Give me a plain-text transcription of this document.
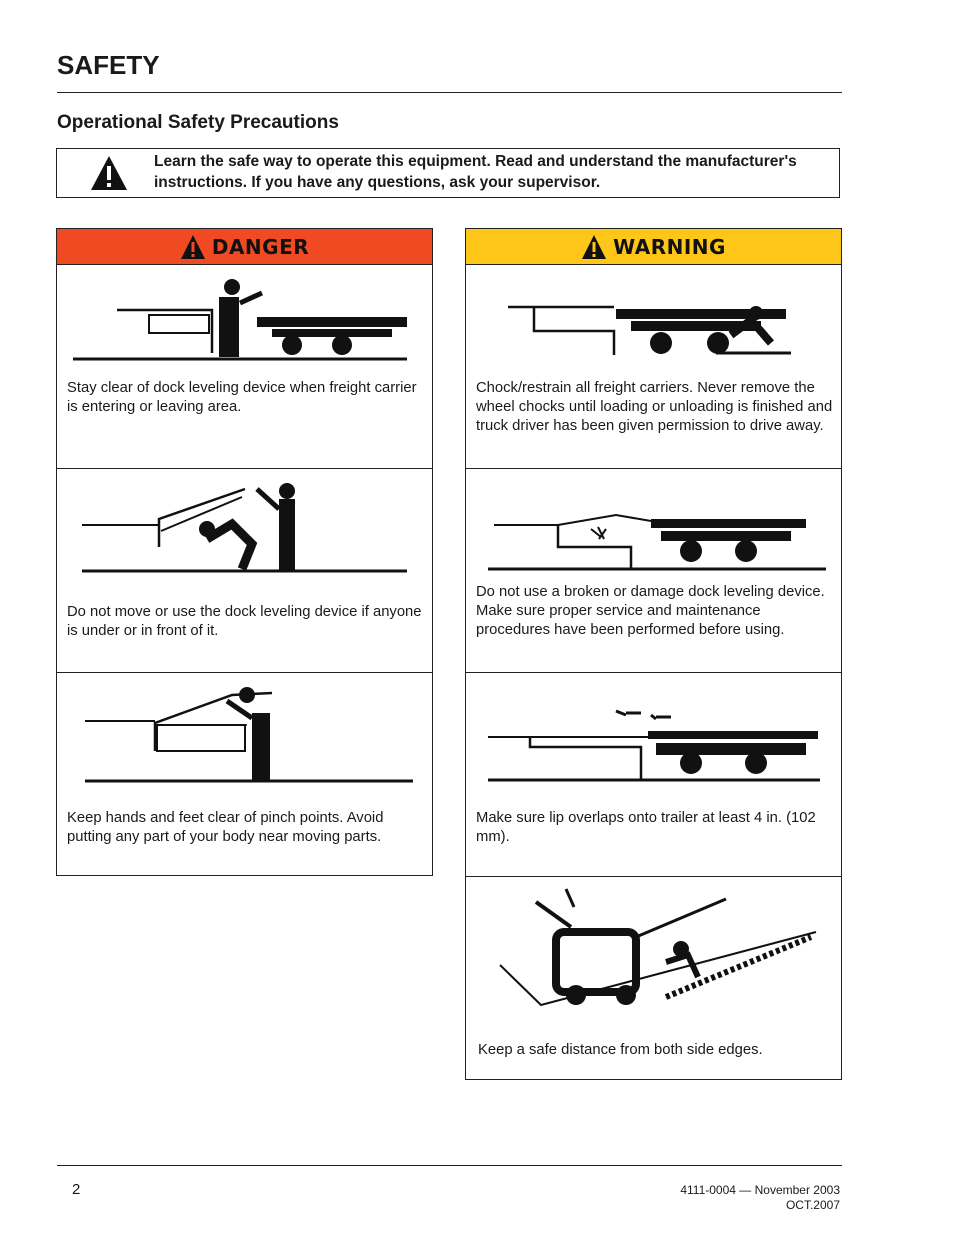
SAFETY
Operational Safety Precautions
Learn the safe way to operate this equipment. Read and understand the manufacturer's instructions. If you have any questions, ask your supervisor.
DANGER
Stay clear of dock leveling device when freight carrier is entering or leaving area.
Do not move or use the dock leveling device if anyone is under or in front of it.
Keep hands and feet clear of pinch points. Avoid putting any part of your body near moving parts.
WARNING
Chock/restrain all freight carriers. Never remove the wheel chocks until loading or unloading is finished and truck driver has been given permission to drive away.
Do not use a broken or damage dock leveling device. Make sure proper service and maintenance procedures have been performed before using.
Make sure lip overlaps onto trailer at least 4 in. (102 mm).
Keep a safe distance from both side edges.
2	4111-0004 — November 2003
OCT.2007
